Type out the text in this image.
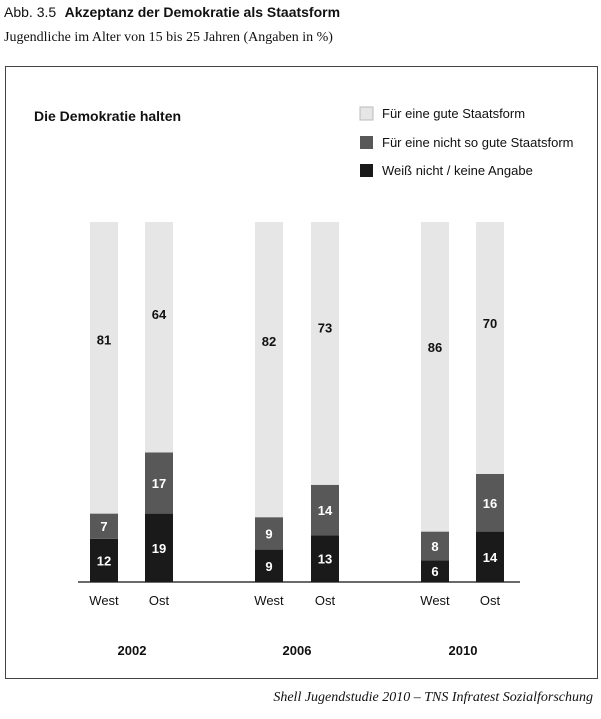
Abb. 3.5 Akzeptanz der Demokratie als Staatsform
Jugendliche im Alter von 15 bis 25 Jahren (Angaben in %)
Die Demokratie halten	Für eine gute Staatsform
Für eine nicht so gute Staatsform
Weiß nicht / keine Angabe
12
7
81
West
19
17
64
Ost
9
9
82
West
13
14
73
Ost
6
8
86
West
14
16
70
Ost
2002	2006	2010
Shell Jugendstudie 2010 – TNS Infratest Sozialforschung
